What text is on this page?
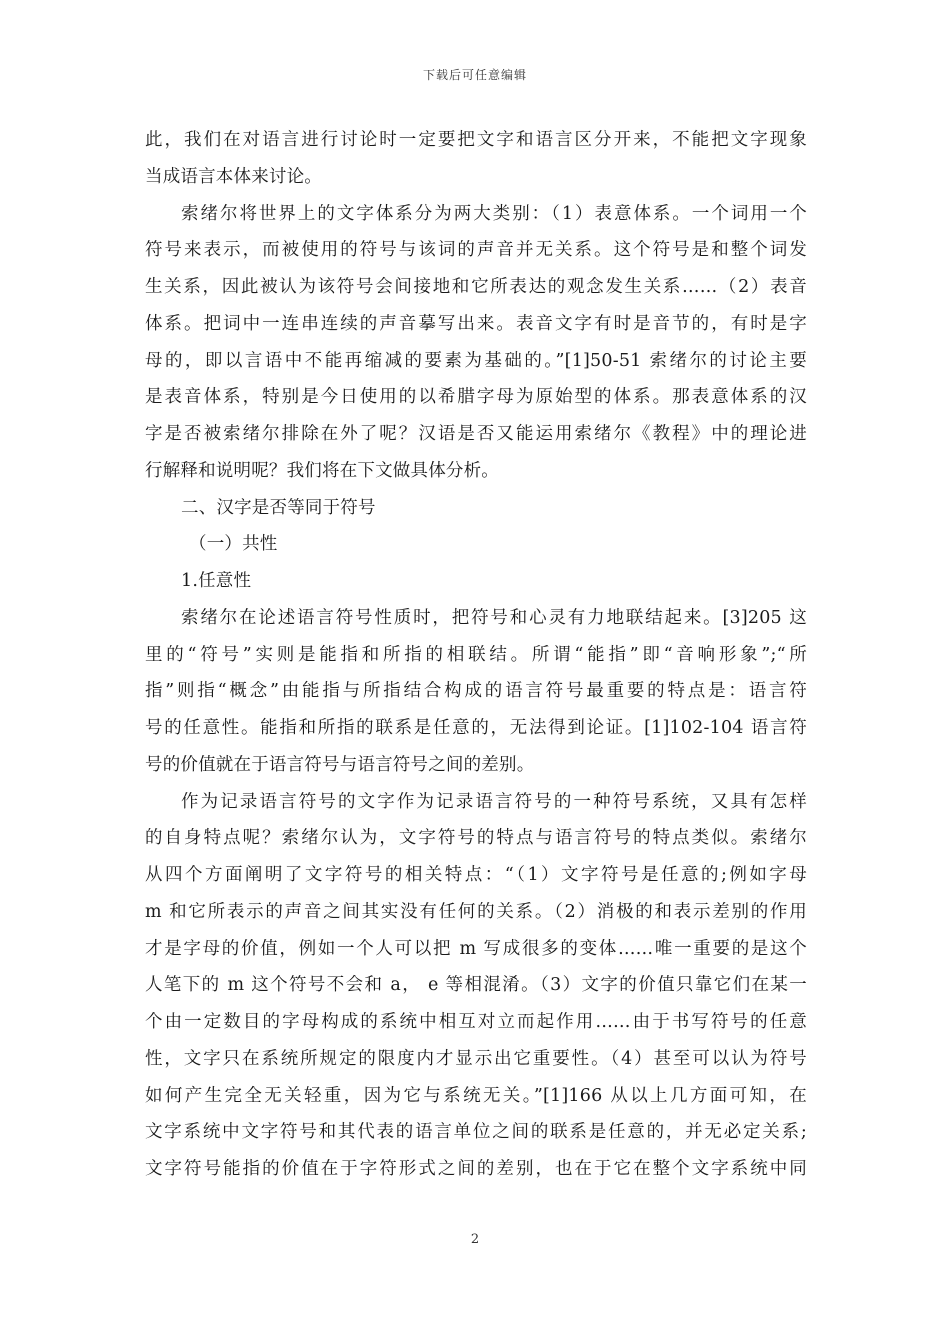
下载后可任意编辑
此，我们在对语言进行讨论时一定要把文字和语言区分开来，不能把文字现象
当成语言本体来讨论。
索绪尔将世界上的文字体系分为两大类别：（1）表意体系。一个词用一个
符号来表示，而被使用的符号与该词的声音并无关系。这个符号是和整个词发
生关系，因此被认为该符号会间接地和它所表达的观念发生关系……（2）表音
体系。把词中一连串连续的声音摹写出来。表音文字有时是音节的，有时是字
母的，即以言语中不能再缩减的要素为基础的。”[1]50-51 索绪尔的讨论主要
是表音体系，特别是今日使用的以希腊字母为原始型的体系。那表意体系的汉
字是否被索绪尔排除在外了呢？汉语是否又能运用索绪尔《教程》中的理论进
行解释和说明呢？我们将在下文做具体分析。
二、汉字是否等同于符号
（一）共性
1.任意性
索绪尔在论述语言符号性质时，把符号和心灵有力地联结起来。[3]205 这
里的“符号”实则是能指和所指的相联结。所谓“能指”即“音响形象”;“所
指”则指“概念”由能指与所指结合构成的语言符号最重要的特点是：语言符
号的任意性。能指和所指的联系是任意的，无法得到论证。[1]102-104 语言符
号的价值就在于语言符号与语言符号之间的差别。
作为记录语言符号的文字作为记录语言符号的一种符号系统，又具有怎样
的自身特点呢？索绪尔认为，文字符号的特点与语言符号的特点类似。索绪尔
从四个方面阐明了文字符号的相关特点：“（1）文字符号是任意的;例如字母
m 和它所表示的声音之间其实没有任何的关系。（2）消极的和表示差别的作用
才是字母的价值，例如一个人可以把 m 写成很多的变体……唯一重要的是这个
人笔下的 m 这个符号不会和 a， e 等相混淆。（3）文字的价值只靠它们在某一
个由一定数目的字母构成的系统中相互对立而起作用……由于书写符号的任意
性，文字只在系统所规定的限度内才显示出它重要性。（4）甚至可以认为符号
如何产生完全无关轻重，因为它与系统无关。”[1]166 从以上几方面可知，在
文字系统中文字符号和其代表的语言单位之间的联系是任意的，并无必定关系;
文字符号能指的价值在于字符形式之间的差别，也在于它在整个文字系统中同
2
